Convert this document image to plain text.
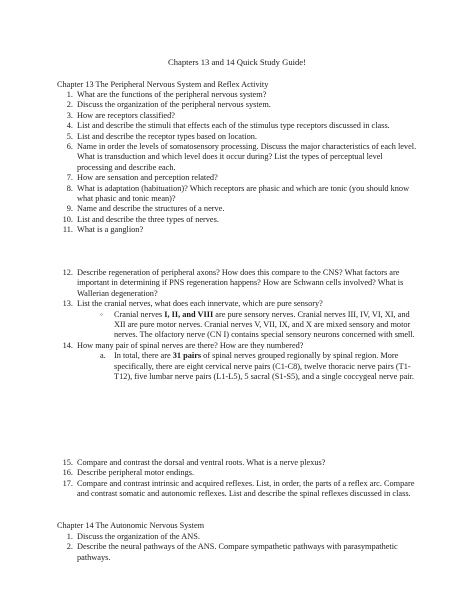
Chapters 13 and 14 Quick Study Guide!
Chapter 13 The Peripheral Nervous System and Reflex Activity
1 . What are the functions of the peripheral nervous system?
2 . Discuss the organization of the peripheral nervous system.
3 . How are receptors classified?
4 . List and describe the stimuli that effects each of the stimulus type receptors discussed in class.
5 . List and describe the receptor types based on location.
6 . Name in order the levels of somatosensory processing. Discuss the major characteristics of each level. What is transduction and which level does it occur during? List the types of perceptual level processing and describe each.
7 . How are sensation and perception related?
8 . What is adaptation (habituation)? Which receptors are phasic and which are tonic (you should know what phasic and tonic mean)?
9 . Name and describe the structures of a nerve.
10 . List and describe the three types of nerves.
11 . What is a ganglion?
12 . Describe regeneration of peripheral axons? How does this compare to the CNS? What factors are important in determining if PNS regeneration happens? How are Schwann cells involved? What is Wallerian degeneration?
13 . List the cranial nerves, what does each innervate, which are pure sensory?
◦ Cranial nerves I, II, and VIII are pure sensory nerves. Cranial nerves III, IV, VI, XI, and XII are pure motor nerves. Cranial nerves V, VII, IX, and X are mixed sensory and motor nerves. The olfactory nerve (CN I) contains special sensory neurons concerned with smell.
14 . How many pair of spinal nerves are there? How are they numbered?
a. In total, there are 31 pairs of spinal nerves grouped regionally by spinal region. More specifically, there are eight cervical nerve pairs (C1-C8), twelve thoracic nerve pairs (T1-T12), five lumbar nerve pairs (L1-L5), 5 sacral (S1-S5), and a single coccygeal nerve pair.
15 . Compare and contrast the dorsal and ventral roots. What is a nerve plexus?
16 . Describe peripheral motor endings.
17 . Compare and contrast intrinsic and acquired reflexes. List, in order, the parts of a reflex arc. Compare and contrast somatic and autonomic reflexes. List and describe the spinal reflexes discussed in class.
Chapter 14 The Autonomic Nervous System
1 . Discuss the organization of the ANS.
2 . Describe the neural pathways of the ANS. Compare sympathetic pathways with parasympathetic pathways.
